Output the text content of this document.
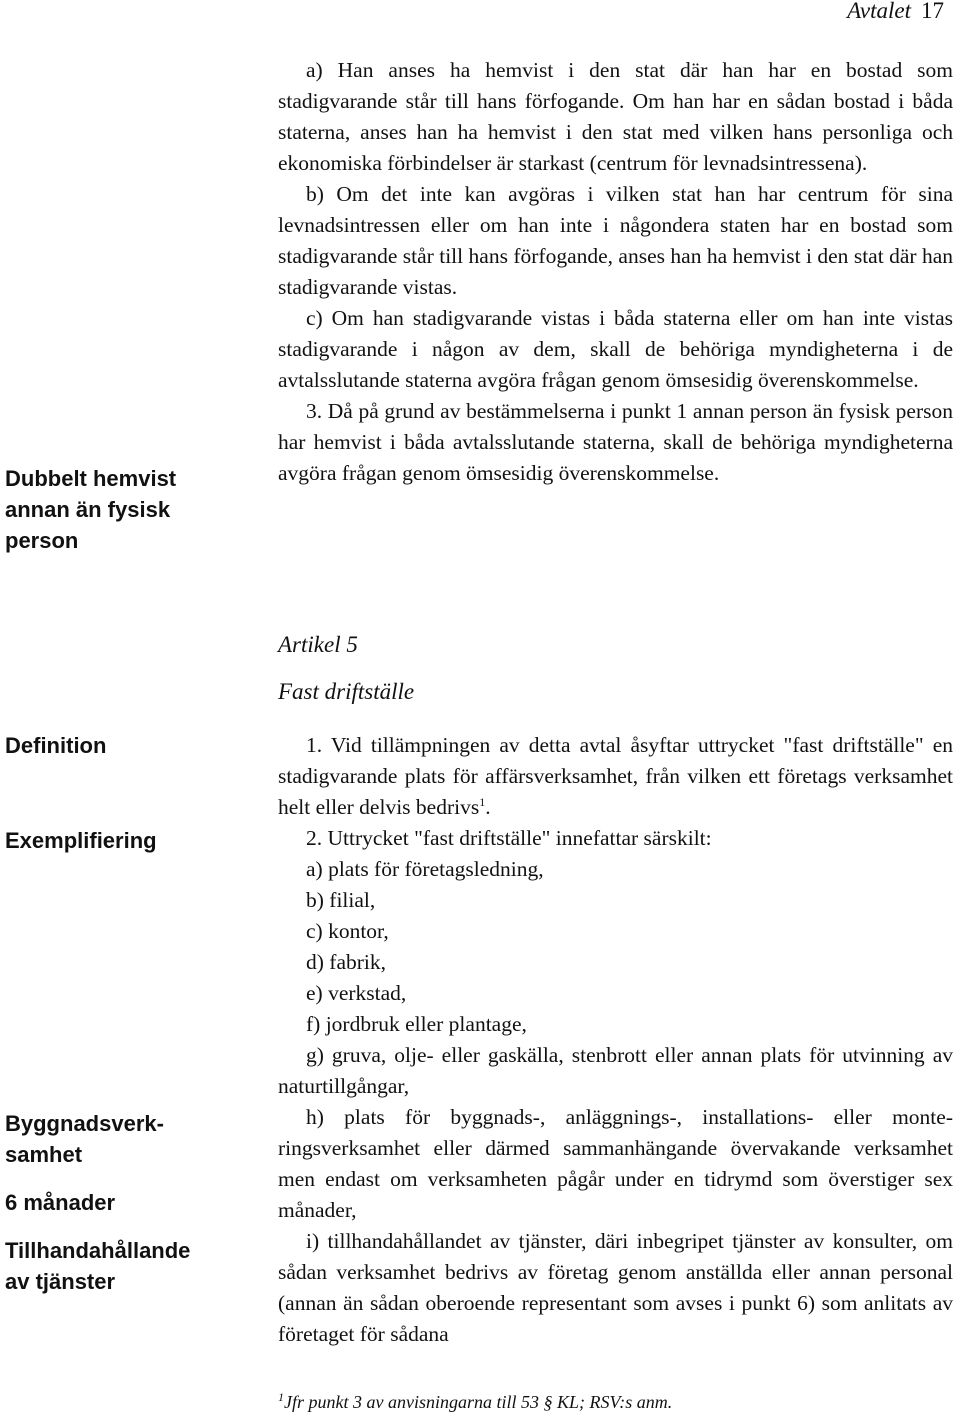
Avtalet 17

a) Han anses ha hemvist i den stat där han har en bostad som stadigvarande står till hans förfogande. Om han har en sådan bostad i båda staterna, anses han ha hemvist i den stat med vilken hans personliga och ekonomiska förbindelser är starkast (centrum för levnadsintressena).

b) Om det inte kan avgöras i vilken stat han har centrum för sina levnadsintressen eller om han inte i någondera staten har en bostad som stadigvarande står till hans förfogande, anses han ha hemvist i den stat där han stadigvarande vistas.

c) Om han stadigvarande vistas i båda staterna eller om han inte vistas stadigvarande i någon av dem, skall de behöriga myndigheterna i de avtalsslutande staterna avgöra frågan genom ömsesidig överenskommelse.

3. Då på grund av bestämmelserna i punkt 1 annan person än fysisk person har hemvist i båda avtalsslutande staterna, skall de behöriga myndigheterna avgöra frågan genom ömsesidig överenskommelse.

Dubbelt hemvist annan än fysisk person
Definition
Exemplifiering
Byggnadsverksamhet
6 månader
Tillhandahållande av tjänster
Artikel 5
Fast driftställe

1. Vid tillämpningen av detta avtal åsyftar uttrycket "fast driftställe" en stadigvarande plats för affärsverksamhet, från vilken ett företags verksamhet helt eller delvis bedrivs$^1$.

2. Uttrycket "fast driftställe" innefattar särskilt:

a) plats för företagsledning,

b) filial,

c) kontor,

d) fabrik,

e) verkstad,

f) jordbruk eller plantage,

g) gruva, olje- eller gaskälla, stenbrott eller annan plats för utvinning av naturtillgångar,

h) plats för byggnads-, anläggnings-, installations- eller monteringsverksamhet eller därmed sammanhängande övervakande verksamhet men endast om verksamheten pågår under en tidrymd som överstiger sex månader,

i) tillhandahållandet av tjänster, däri inbegripet tjänster av konsulter, om sådan verksamhet bedrivs av företag genom anställda eller annan personal (annan än sådan oberoende representant som avses i punkt 6) som anlitats av företaget för sådana

$^1$Jfr punkt 3 av anvisningarna till 53 § KL; RSV:s anm.
